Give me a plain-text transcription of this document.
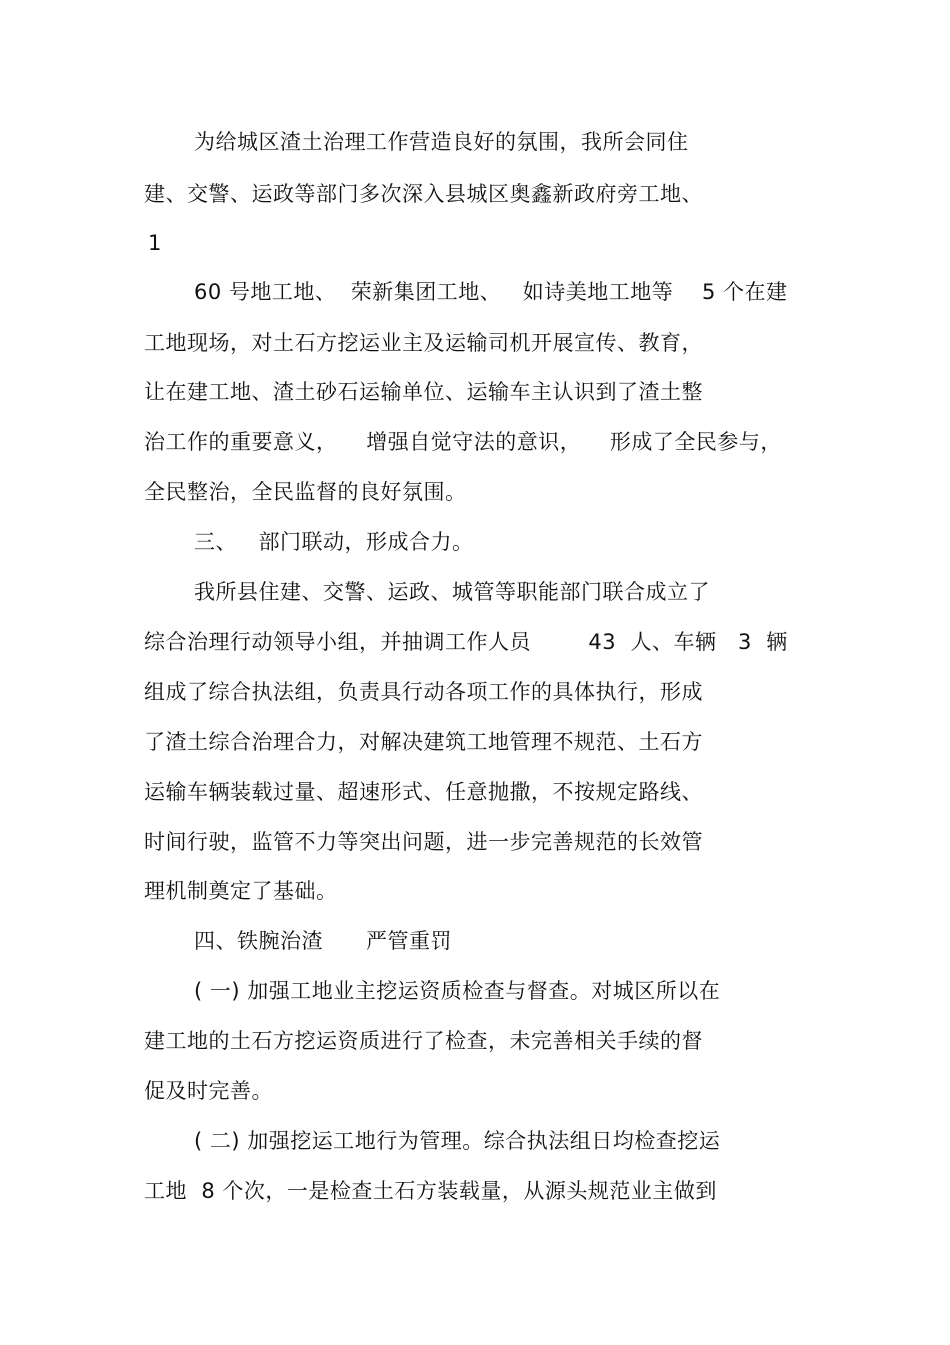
为给城区渣土治理工作营造良好的氛围，我所会同住
建、交警、运政等部门多次深入县城区奥鑫新政府旁工地、
1
60 号地工地、  荣新集团工地、   如诗美地工地等    5 个在建
工地现场，对土石方挖运业主及运输司机开展宣传、教育，
让在建工地、渣土砂石运输单位、运输车主认识到了渣土整
治工作的重要意义，    增强自觉守法的意识，    形成了全民参与，
全民整治，全民监督的良好氛围。
三、   部门联动，形成合力。
我所县住建、交警、运政、城管等职能部门联合成立了
综合治理行动领导小组，并抽调工作人员        43  人、车辆   3  辆
组成了综合执法组，负责具行动各项工作的具体执行，形成
了渣土综合治理合力，对解决建筑工地管理不规范、土石方
运输车辆装载过量、超速形式、任意抛撒，不按规定路线、
时间行驶，监管不力等突出问题，进一步完善规范的长效管
理机制奠定了基础。
四、铁腕治渣      严管重罚
( 一) 加强工地业主挖运资质检查与督查。对城区所以在
建工地的土石方挖运资质进行了检查，未完善相关手续的督
促及时完善。
( 二) 加强挖运工地行为管理。综合执法组日均检查挖运
工地  8 个次，一是检查土石方装载量，从源头规范业主做到
